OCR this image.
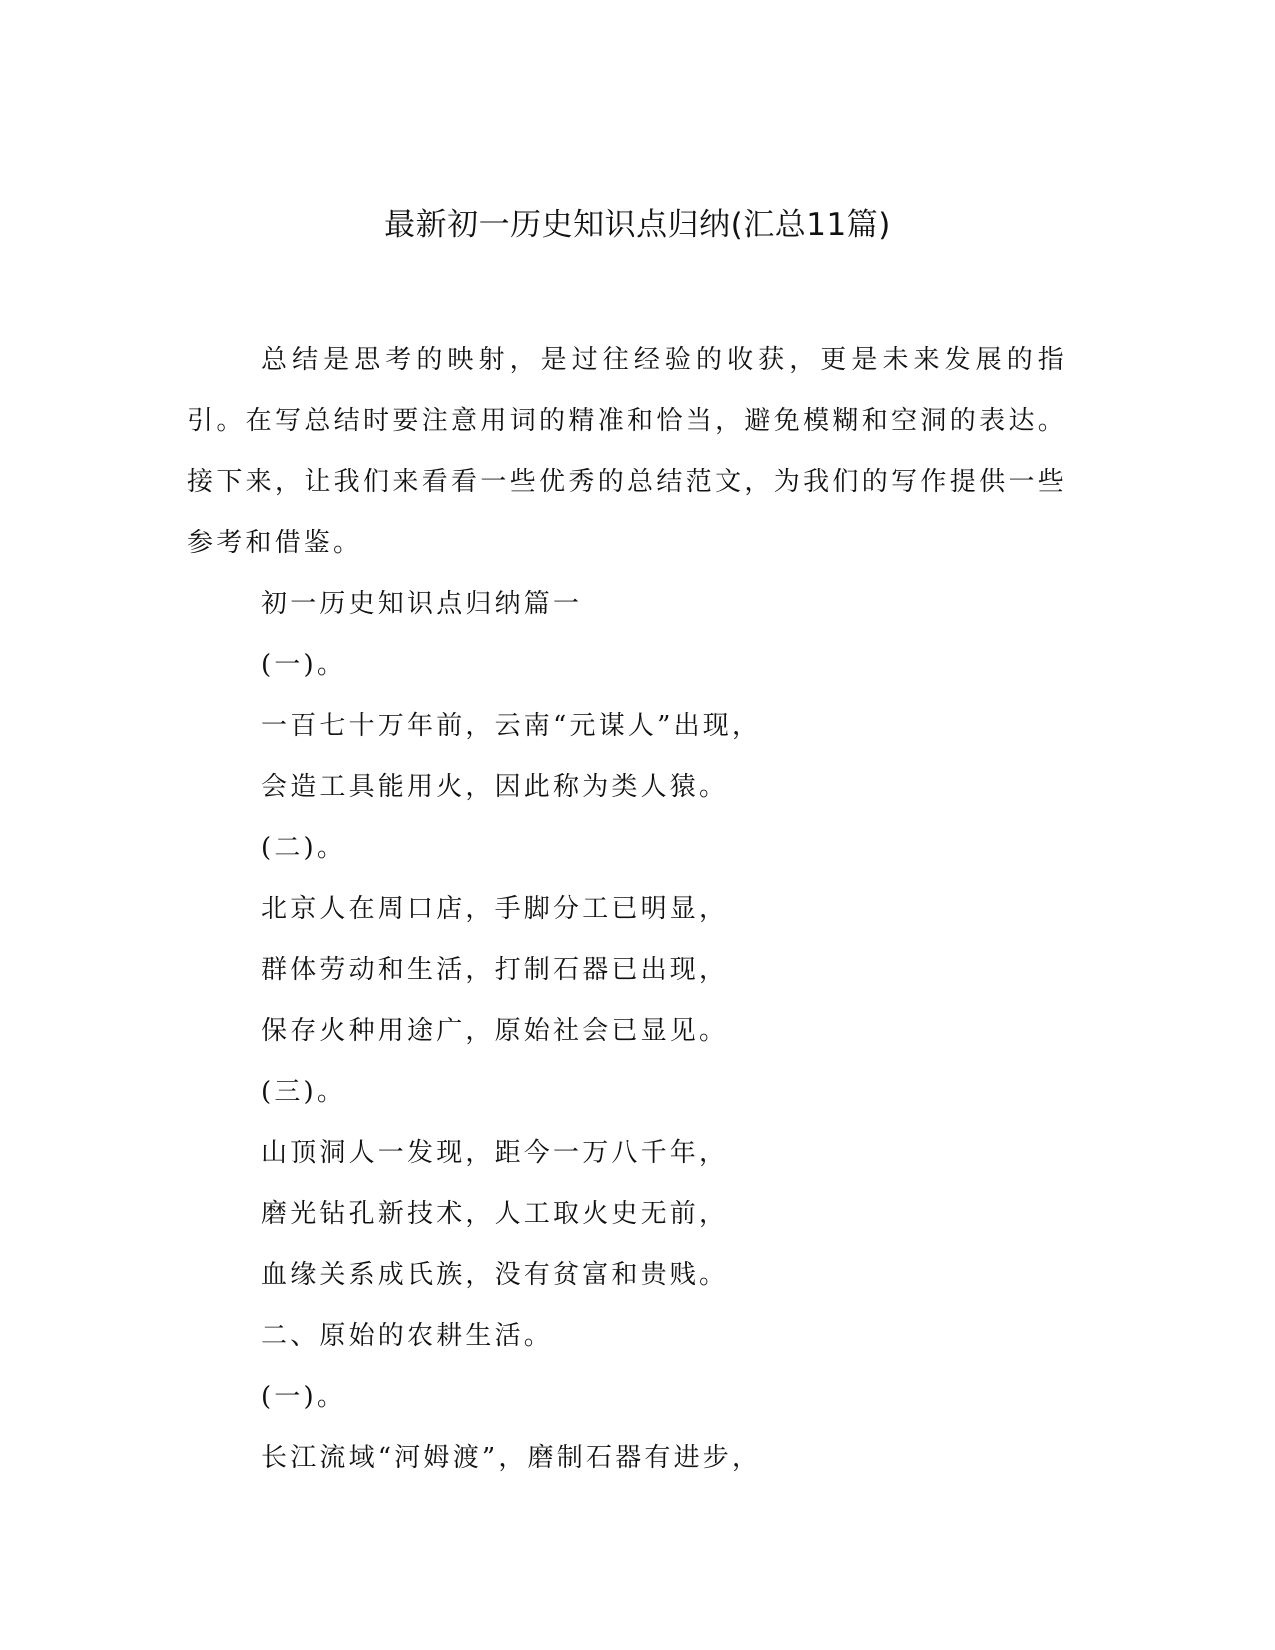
最新初一历史知识点归纳(汇总11篇)

总结是思考的映射，是过往经验的收获，更是未来发展的指引。在写总结时要注意用词的精准和恰当，避免模糊和空洞的表达。接下来，让我们来看看一些优秀的总结范文，为我们的写作提供一些参考和借鉴。

初一历史知识点归纳篇一

(一)。

一百七十万年前，云南“元谋人”出现，

会造工具能用火，因此称为类人猿。

(二)。

北京人在周口店，手脚分工已明显，

群体劳动和生活，打制石器已出现，

保存火种用途广，原始社会已显见。

(三)。

山顶洞人一发现，距今一万八千年，

磨光钻孔新技术，人工取火史无前，

血缘关系成氏族，没有贫富和贵贱。

二、原始的农耕生活。

(一)。

长江流域“河姆渡”，磨制石器有进步，
